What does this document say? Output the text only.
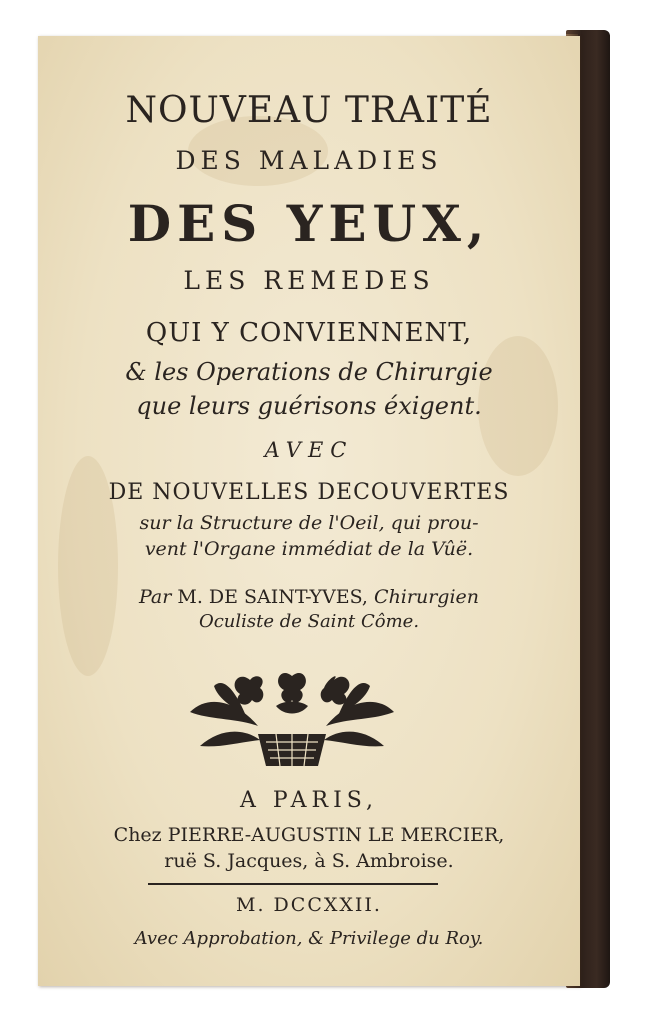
NOUVEAU TRAITÉ
DES MALADIES
DES YEUX,
LES REMEDES
QUI Y CONVIENNENT,
& les Operations de Chirurgie
que leurs guérisons éxigent.
AVEC
DE NOUVELLES DECOUVERTES
sur la Structure de l'Oeil, qui prou-
vent l'Organe immédiat de la Vûë.
Par M. DE SAINT-YVES, Chirurgien
Oculiste de Saint Côme.
A PARIS,
Chez PIERRE-AUGUSTIN LE MERCIER,
ruë S. Jacques, à S. Ambroise.
M. DCCXXII.
Avec Approbation, & Privilege du Roy.
